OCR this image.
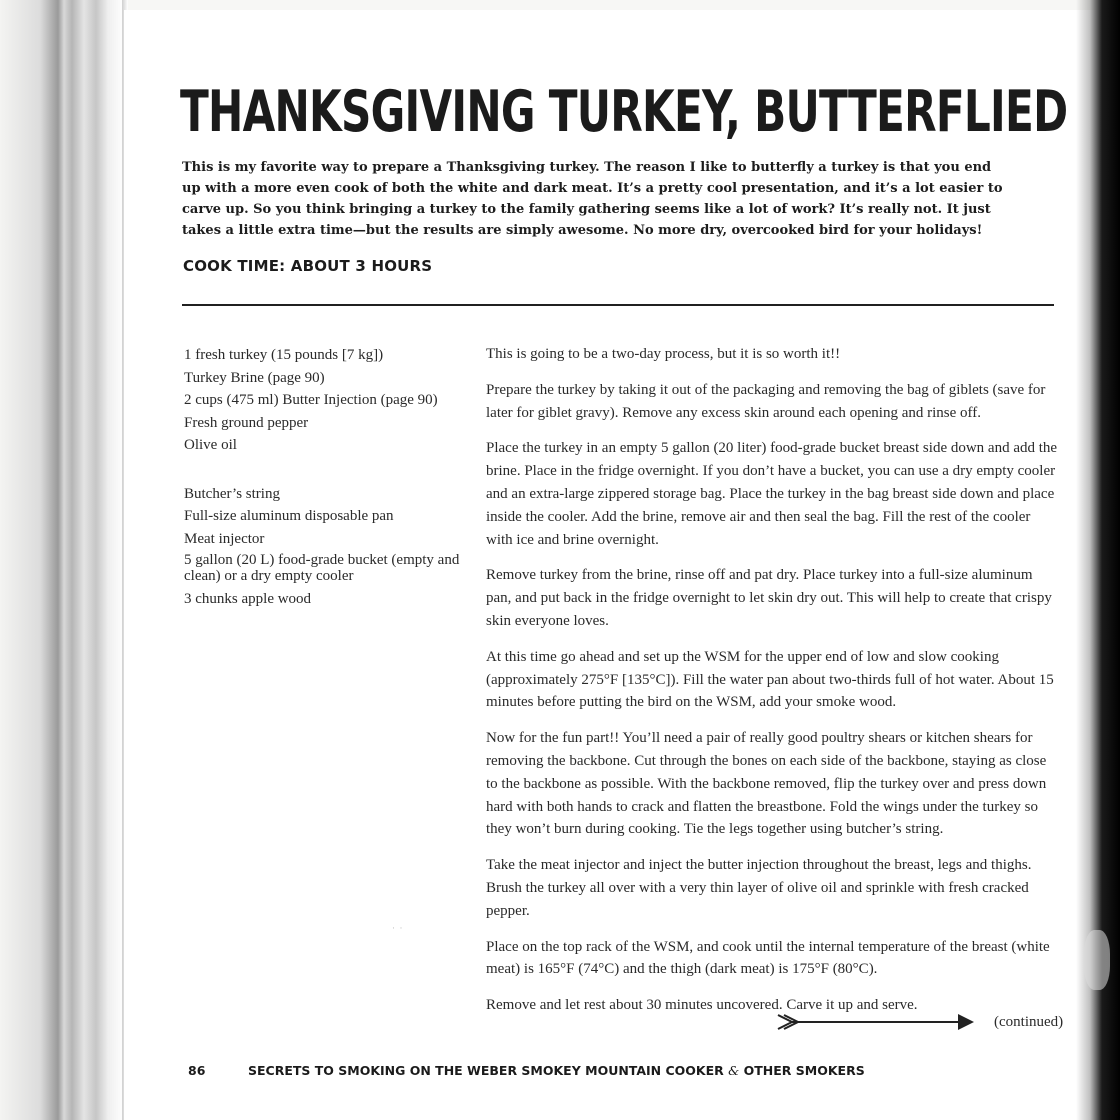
THANKSGIVING TURKEY, BUTTERFLIED

This is my favorite way to prepare a Thanksgiving turkey. The reason I like to butterfly a turkey is that you end up with a more even cook of both the white and dark meat. It’s a pretty cool presentation, and it’s a lot easier to carve up. So you think bringing a turkey to the family gathering seems like a lot of work? It’s really not. It just takes a little extra time—but the results are simply awesome. No more dry, overcooked bird for your holidays!

COOK TIME: ABOUT 3 HOURS
1 fresh turkey (15 pounds [7 kg])
Turkey Brine (page 90)
2 cups (475 ml) Butter Injection (page 90)
Fresh ground pepper
Olive oil
Butcher’s string
Full-size aluminum disposable pan
Meat injector
5 gallon (20 L) food-grade bucket (empty and clean) or a dry empty cooler
3 chunks apple wood

This is going to be a two-day process, but it is so worth it!!

Prepare the turkey by taking it out of the packaging and removing the bag of giblets (save for later for giblet gravy). Remove any excess skin around each opening and rinse off.

Place the turkey in an empty 5 gallon (20 liter) food-grade bucket breast side down and add the brine. Place in the fridge overnight. If you don’t have a bucket, you can use a dry empty cooler and an extra-large zippered storage bag. Place the turkey in the bag breast side down and place inside the cooler. Add the brine, remove air and then seal the bag. Fill the rest of the cooler with ice and brine overnight.

Remove turkey from the brine, rinse off and pat dry. Place turkey into a full-size aluminum pan, and put back in the fridge overnight to let skin dry out. This will help to create that crispy skin everyone loves.

At this time go ahead and set up the WSM for the upper end of low and slow cooking (approximately 275°F [135°C]). Fill the water pan about two-thirds full of hot water. About 15 minutes before putting the bird on the WSM, add your smoke wood.

Now for the fun part!! You’ll need a pair of really good poultry shears or kitchen shears for removing the backbone. Cut through the bones on each side of the backbone, staying as close to the backbone as possible. With the backbone removed, flip the turkey over and press down hard with both hands to crack and flatten the breastbone. Fold the wings under the turkey so they won’t burn during cooking. Tie the legs together using butcher’s string.

Take the meat injector and inject the butter injection throughout the breast, legs and thighs. Brush the turkey all over with a very thin layer of olive oil and sprinkle with fresh cracked pepper.

Place on the top rack of the WSM, and cook until the internal temperature of the breast (white meat) is 165°F (74°C) and the thigh (dark meat) is 175°F (80°C).

Remove and let rest about 30 minutes uncovered. Carve it up and serve.

(continued)
·  ·
86	SECRETS TO SMOKING ON THE WEBER SMOKEY MOUNTAIN COOKER & OTHER SMOKERS
